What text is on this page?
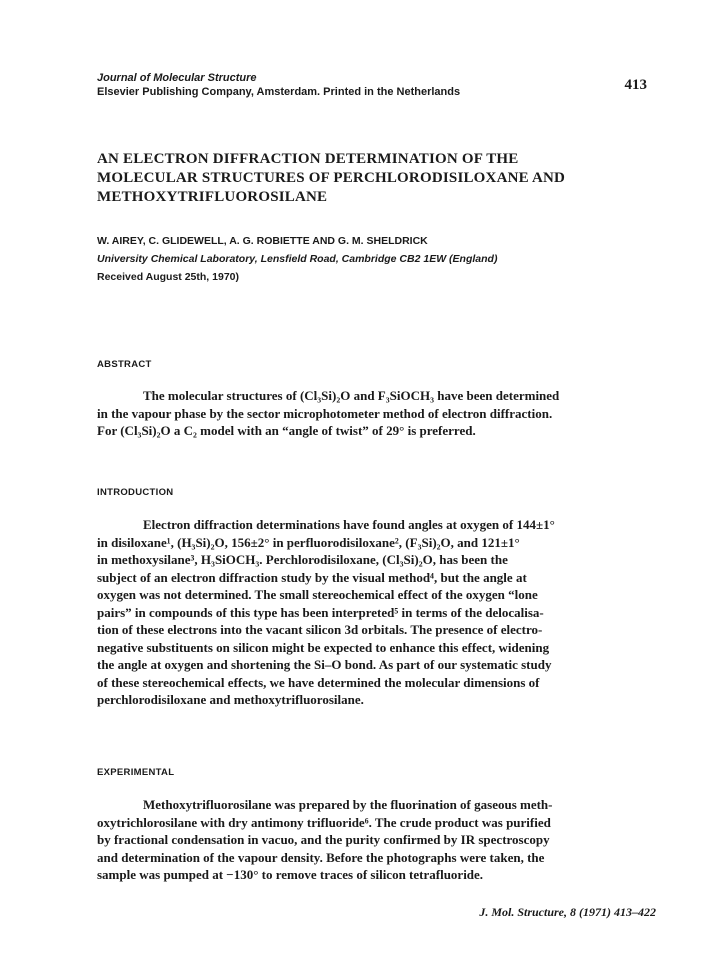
Journal of Molecular Structure
Elsevier Publishing Company, Amsterdam. Printed in the Netherlands	413
AN ELECTRON DIFFRACTION DETERMINATION OF THE
MOLECULAR STRUCTURES OF PERCHLORODISILOXANE AND
METHOXYTRIFLUOROSILANE
W. AIREY, C. GLIDEWELL, A. G. ROBIETTE AND G. M. SHELDRICK
University Chemical Laboratory, Lensfield Road, Cambridge CB2 1EW (England)
Received August 25th, 1970)
ABSTRACT
The molecular structures of (Cl₃Si)₂O and F₃SiOCH₃ have been determined
in the vapour phase by the sector microphotometer method of electron diffraction.
For (Cl₃Si)₂O a C₂ model with an “angle of twist” of 29° is preferred.
INTRODUCTION
Electron diffraction determinations have found angles at oxygen of 144±1°
in disiloxane¹, (H₃Si)₂O, 156±2° in perfluorodisiloxane², (F₃Si)₂O, and 121±1°
in methoxysilane³, H₃SiOCH₃. Perchlorodisiloxane, (Cl₃Si)₂O, has been the
subject of an electron diffraction study by the visual method⁴, but the angle at
oxygen was not determined. The small stereochemical effect of the oxygen “lone
pairs” in compounds of this type has been interpreted⁵ in terms of the delocalisa-
tion of these electrons into the vacant silicon 3d orbitals. The presence of electro-
negative substituents on silicon might be expected to enhance this effect, widening
the angle at oxygen and shortening the Si–O bond. As part of our systematic study
of these stereochemical effects, we have determined the molecular dimensions of
perchlorodisiloxane and methoxytrifluorosilane.
EXPERIMENTAL
Methoxytrifluorosilane was prepared by the fluorination of gaseous meth-
oxytrichlorosilane with dry antimony trifluoride⁶. The crude product was purified
by fractional condensation in vacuo, and the purity confirmed by IR spectroscopy
and determination of the vapour density. Before the photographs were taken, the
sample was pumped at −130° to remove traces of silicon tetrafluoride.
J. Mol. Structure, 8 (1971) 413–422
